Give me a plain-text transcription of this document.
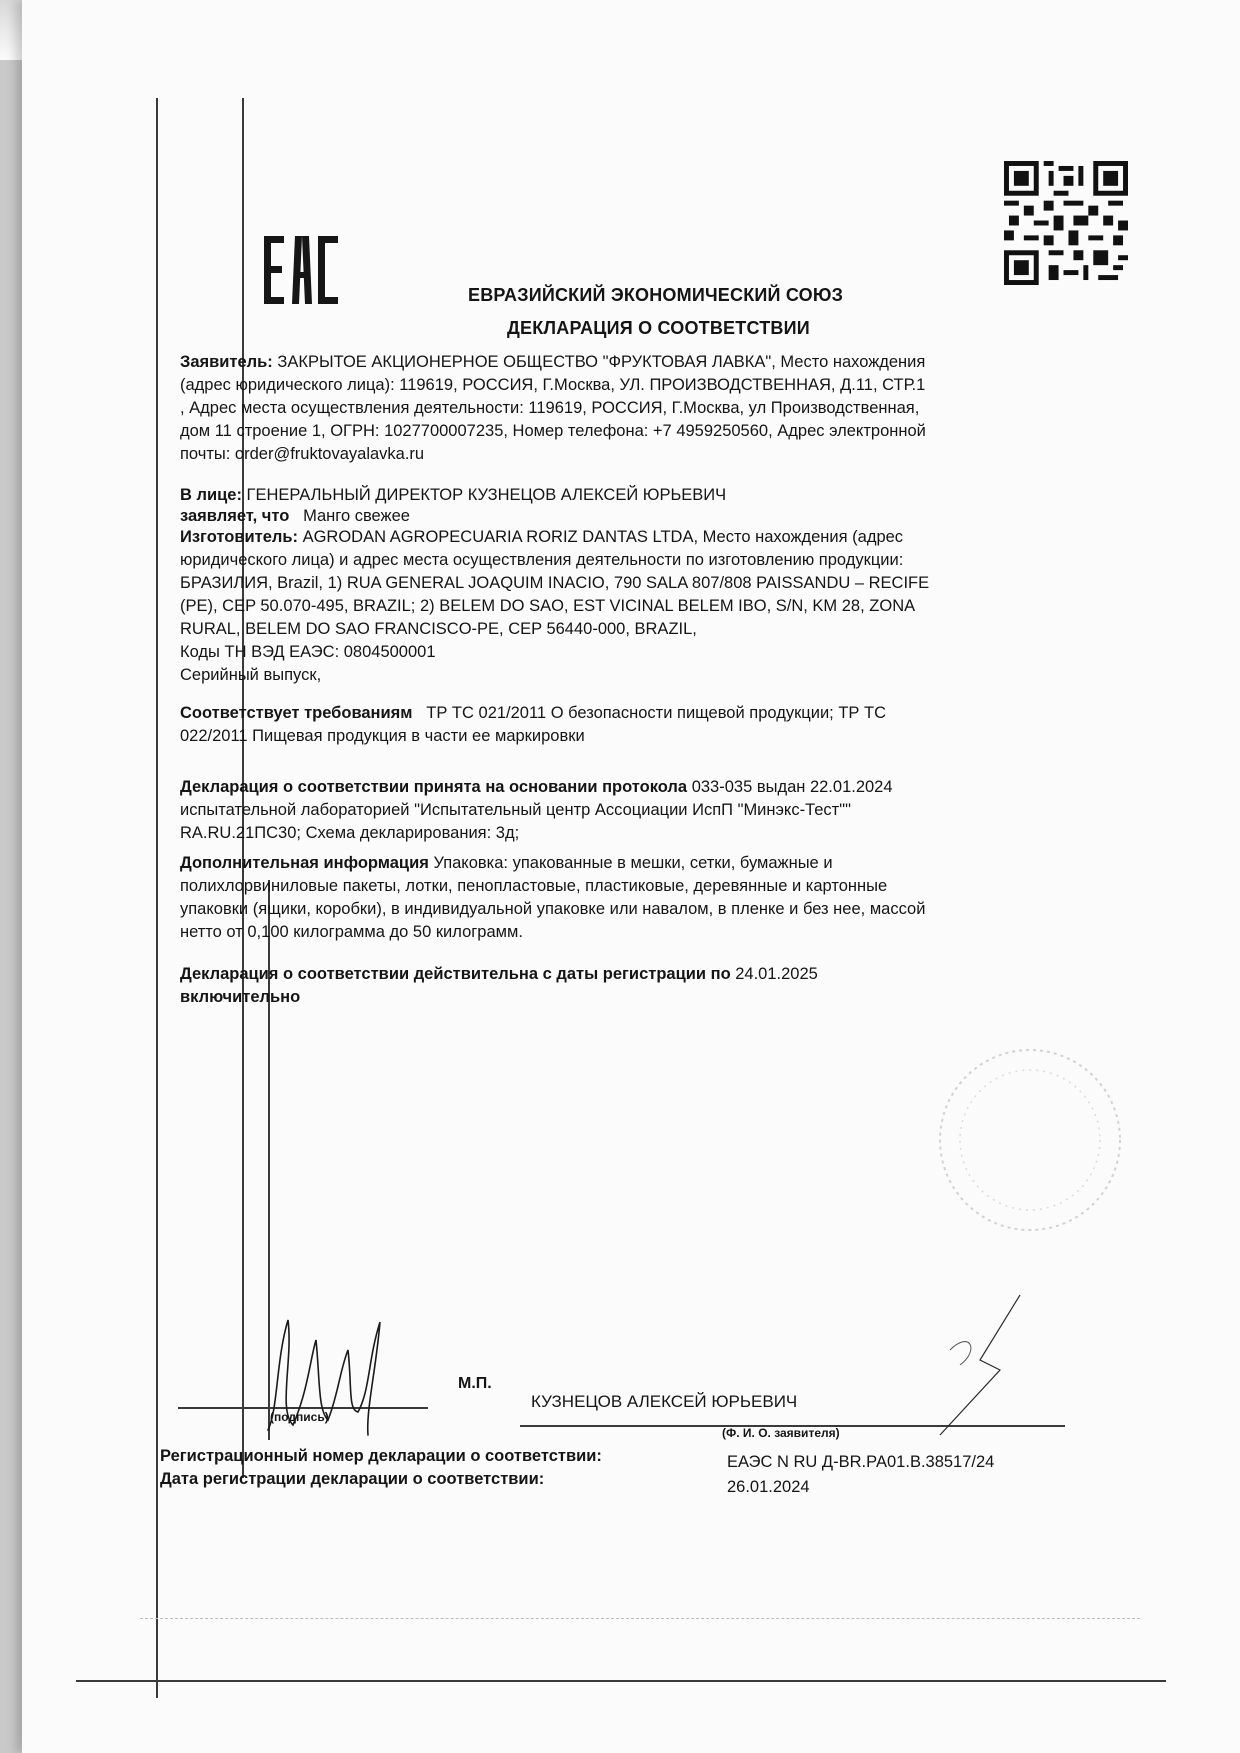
ЕВРАЗИЙСКИЙ ЭКОНОМИЧЕСКИЙ СОЮЗ
ДЕКЛАРАЦИЯ О СООТВЕТСТВИИ
Заявитель: ЗАКРЫТОЕ АКЦИОНЕРНОЕ ОБЩЕСТВО "ФРУКТОВАЯ ЛАВКА", Место нахождения
(адрес юридического лица): 119619, РОССИЯ, Г.Москва, УЛ. ПРОИЗВОДСТВЕННАЯ, Д.11, СТР.1
, Адрес места осуществления деятельности: 119619, РОССИЯ, Г.Москва, ул Производственная,
дом 11 строение 1, ОГРН: 1027700007235, Номер телефона: +7 4959250560, Адрес электронной
почты: order@fruktovayalavka.ru
В лице: ГЕНЕРАЛЬНЫЙ ДИРЕКТОР КУЗНЕЦОВ АЛЕКСЕЙ ЮРЬЕВИЧ
заявляет, что Манго свежее
Изготовитель: AGRODAN AGROPECUARIA RORIZ DANTAS LTDA, Место нахождения (адрес
юридического лица) и адрес места осуществления деятельности по изготовлению продукции:
БРАЗИЛИЯ, Brazil, 1) RUA GENERAL JOAQUIM INACIO, 790 SALA 807/808 PAISSANDU – RECIFE
(PE), CEP 50.070-495, BRAZIL; 2) BELEM DO SAO, EST VICINAL BELEM IBO, S/N, KM 28, ZONA
RURAL, BELEM DO SAO FRANCISCO-PE, CEP 56440-000, BRAZIL,
Коды ТН ВЭД ЕАЭС: 0804500001
Серийный выпуск,
Соответствует требованиям ТР ТС 021/2011 О безопасности пищевой продукции; ТР ТС
022/2011 Пищевая продукция в части ее маркировки
Декларация о соответствии принята на основании протокола 033-035 выдан 22.01.2024
испытательной лабораторией "Испытательный центр Ассоциации ИспП "Минэкс-Тест""
RA.RU.21ПС30; Схема декларирования: 3д;
Дополнительная информация Упаковка: упакованные в мешки, сетки, бумажные и
полихлорвиниловые пакеты, лотки, пенопластовые, пластиковые, деревянные и картонные
упаковки (ящики, коробки), в индивидуальной упаковке или навалом, в пленке и без нее, массой
нетто от 0,100 килограмма до 50 килограмм.
Декларация о соответствии действительна с даты регистрации по 24.01.2025
включительно
(подпись)
М.П.
КУЗНЕЦОВ АЛЕКСЕЙ ЮРЬЕВИЧ
(Ф. И. О. заявителя)
Регистрационный номер декларации о соответствии:	ЕАЭС N RU Д-BR.РА01.В.38517/24
Дата регистрации декларации о соответствии:	26.01.2024
